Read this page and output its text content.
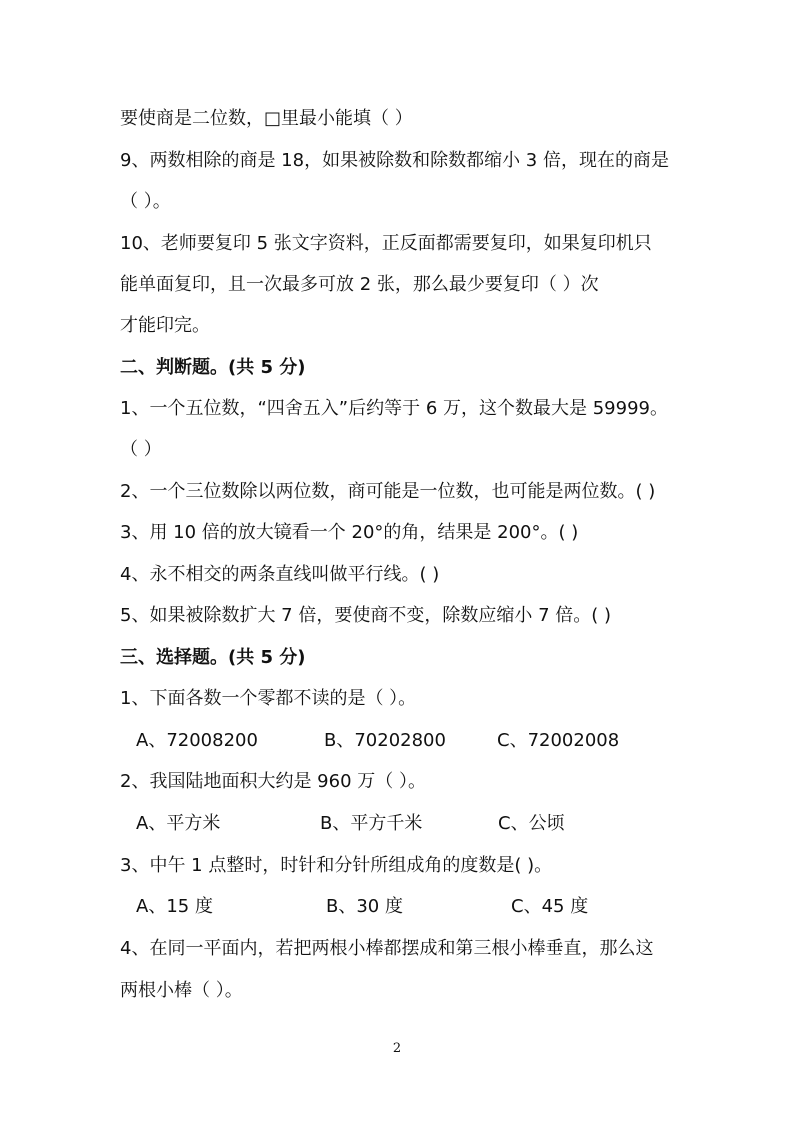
要使商是二位数，□里最小能填（ ）
9、两数相除的商是 18，如果被除数和除数都缩小 3 倍，现在的商是
（ ）。
10、老师要复印 5 张文字资料，正反面都需要复印，如果复印机只
能单面复印，且一次最多可放 2 张，那么最少要复印（ ）次
才能印完。
二、判断题。(共 5 分)
1、一个五位数，“四舍五入”后约等于 6 万，这个数最大是 59999。
（ ）
2、一个三位数除以两位数，商可能是一位数，也可能是两位数。( )
3、用 10 倍的放大镜看一个 20°的角，结果是 200°。( )
4、永不相交的两条直线叫做平行线。( )
5、如果被除数扩大 7 倍，要使商不变，除数应缩小 7 倍。( )
三、选择题。(共 5 分)
1、下面各数一个零都不读的是（ ）。
A、72008200	B、70202800	C、72002008
2、我国陆地面积大约是 960 万（ ）。
A、平方米	B、平方千米	C、公顷
3、中午 1 点整时，时针和分针所组成角的度数是( )。
A、15 度	B、30 度	C、45 度
4、在同一平面内，若把两根小棒都摆成和第三根小棒垂直，那么这
两根小棒（ ）。
2
